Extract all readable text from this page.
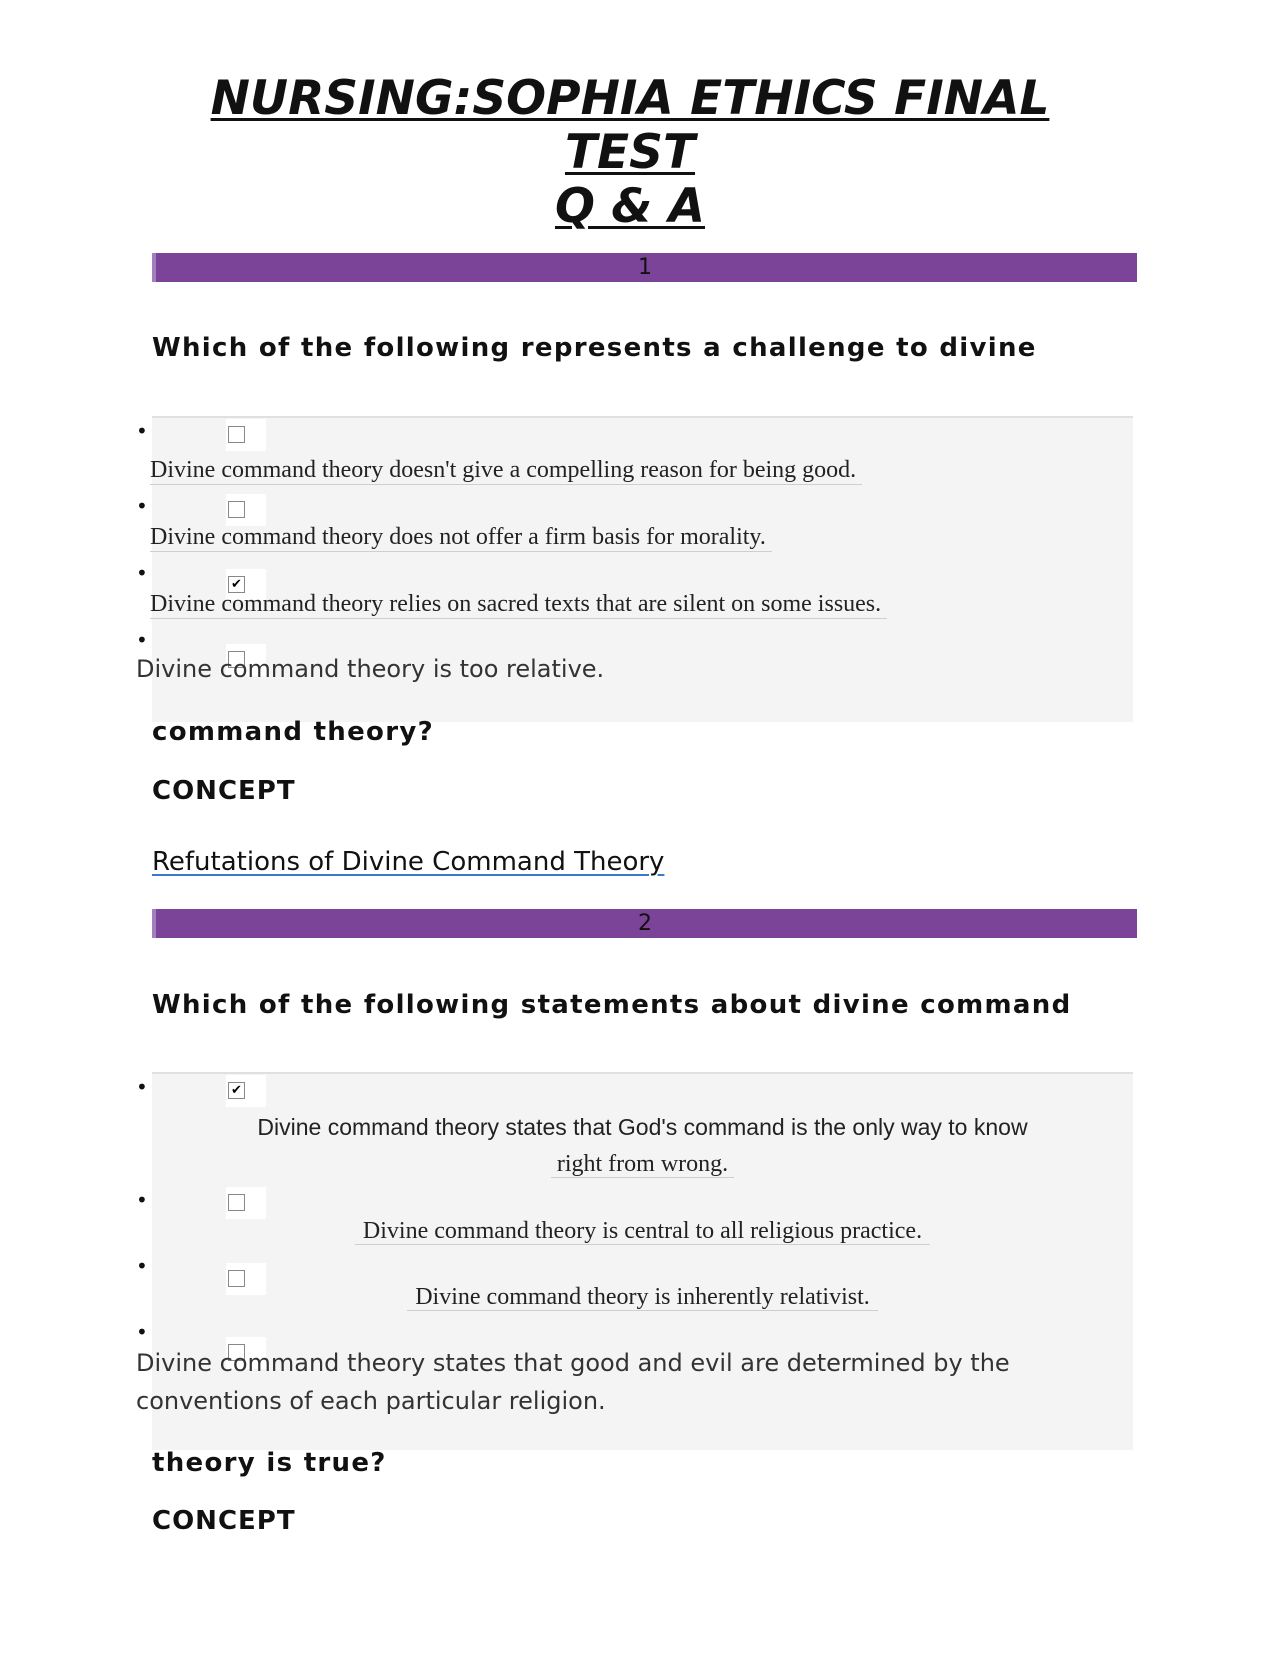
NURSING:SOPHIA ETHICS FINAL TEST
Q & A
1
Which of the following represents a challenge to divine
•
Divine command theory doesn't give a compelling reason for being good.
•
Divine command theory does not offer a firm basis for morality.
•
✔
Divine command theory relies on sacred texts that are silent on some issues.
•
Divine command theory is too relative.
command theory?
CONCEPT
Refutations of Divine Command Theory
2
Which of the following statements about divine command
•
✔
Divine command theory states that God's command is the only way to know
right from wrong.
•
Divine command theory is central to all religious practice.
•
Divine command theory is inherently relativist.
•
Divine command theory states that good and evil are determined by the
conventions of each particular religion.
theory is true?
CONCEPT
